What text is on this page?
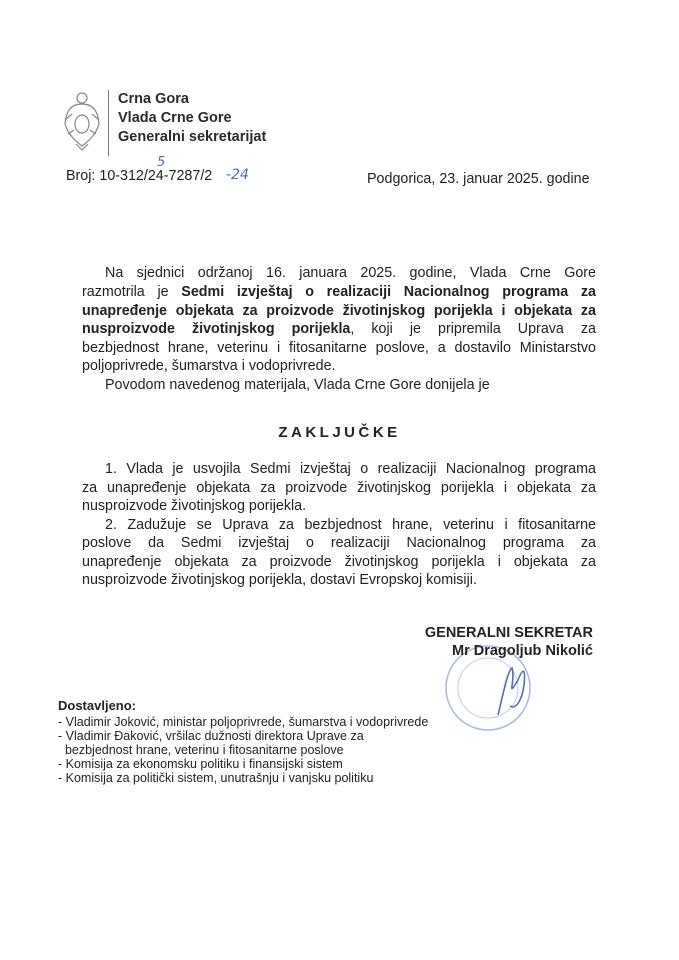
Crna Gora
Vlada Crne Gore
Generalni sekretarijat
5
Broj: 10-312/24-7287/2 -24	Podgorica, 23. januar 2025. godine
Na sjednici održanoj 16. januara 2025. godine, Vlada Crne Gore
razmotrila je Sedmi izvještaj o realizaciji Nacionalnog programa za
unapređenje objekata za proizvode životinjskog porijekla i objekata za
nusproizvode životinjskog porijekla, koji je pripremila Uprava za
bezbjednost hrane, veterinu i fitosanitarne poslove, a dostavilo Ministarstvo
poljoprivrede, šumarstva i vodoprivrede.
Povodom navedenog materijala, Vlada Crne Gore donijela je
ZAKLJUČKE
1. Vlada je usvojila Sedmi izvještaj o realizaciji Nacionalnog programa
za unapređenje objekata za proizvode životinjskog porijekla i objekata za
nusproizvode životinjskog porijekla.
2. Zadužuje se Uprava za bezbjednost hrane, veterinu i fitosanitarne
poslove da Sedmi izvještaj o realizaciji Nacionalnog programa za
unapređenje objekata za proizvode životinjskog porijekla i objekata za
nusproizvode životinjskog porijekla, dostavi Evropskoj komisiji.
GENERALNI SEKRETAR
Mr Dragoljub Nikolić
Dostavljeno:
- Vladimir Joković, ministar poljoprivrede, šumarstva i vodoprivrede
- Vladimir Đaković, vršilac dužnosti direktora Uprave za
bezbjednost hrane, veterinu i fitosanitarne poslove
- Komisija za ekonomsku politiku i finansijski sistem
- Komisija za politički sistem, unutrašnju i vanjsku politiku
